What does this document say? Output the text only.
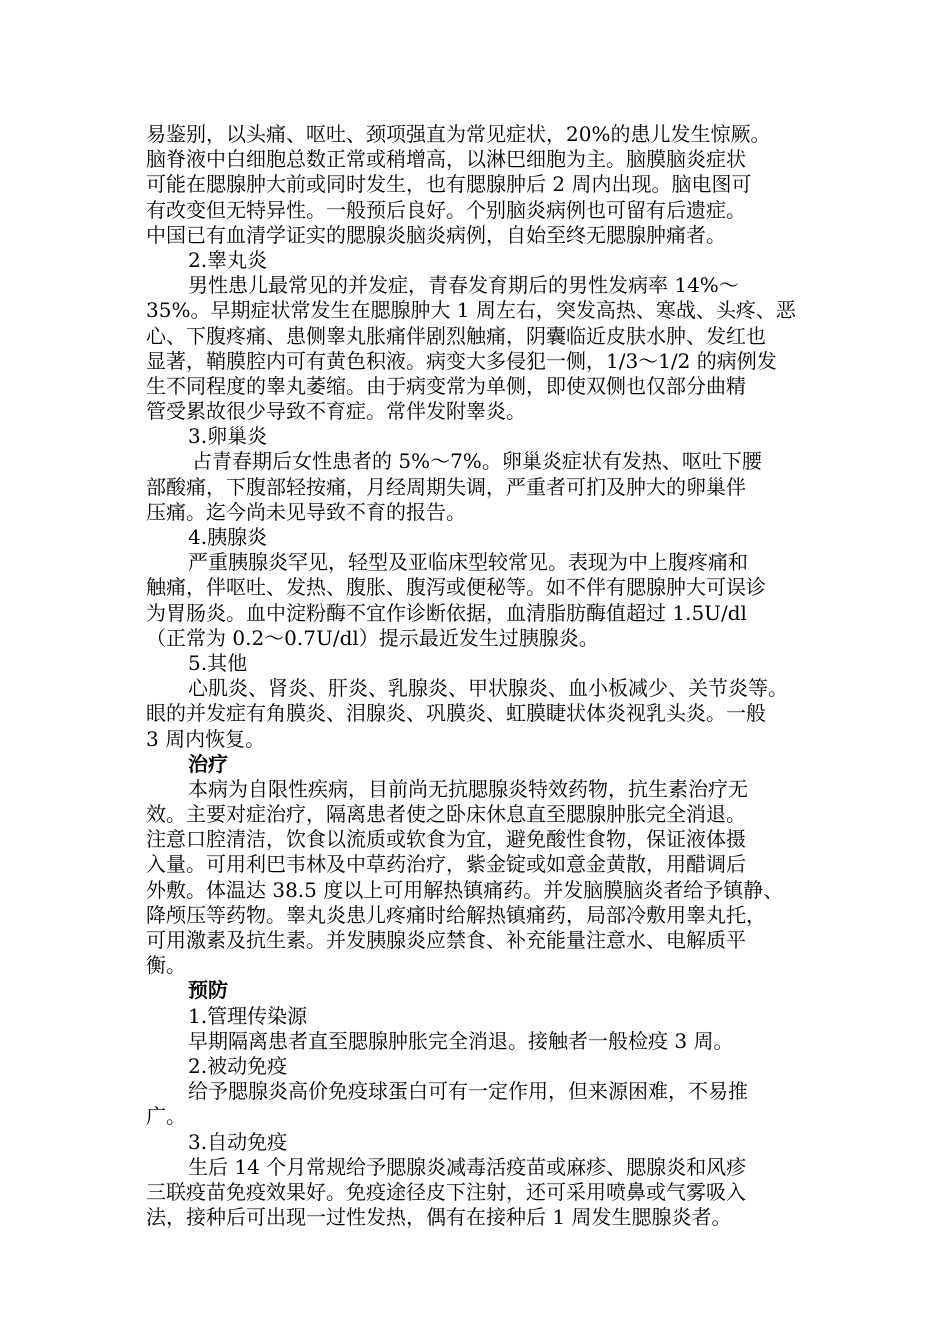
易鉴别，以头痛、呕吐、颈项强直为常见症状，20%的患儿发生惊厥。
脑脊液中白细胞总数正常或稍增高，以淋巴细胞为主。脑膜脑炎症状
可能在腮腺肿大前或同时发生，也有腮腺肿后 2 周内出现。脑电图可
有改变但无特异性。一般预后良好。个别脑炎病例也可留有后遗症。
中国已有血清学证实的腮腺炎脑炎病例，自始至终无腮腺肿痛者。
2.睾丸炎
男性患儿最常见的并发症，青春发育期后的男性发病率 14%～
35%。早期症状常发生在腮腺肿大 1 周左右，突发高热、寒战、头疼、恶
心、下腹疼痛、患侧睾丸胀痛伴剧烈触痛，阴囊临近皮肤水肿、发红也
显著，鞘膜腔内可有黄色积液。病变大多侵犯一侧，1/3～1/2 的病例发
生不同程度的睾丸萎缩。由于病变常为单侧，即使双侧也仅部分曲精
管受累故很少导致不育症。常伴发附睾炎。
3.卵巢炎
占青春期后女性患者的 5%～7%。卵巢炎症状有发热、呕吐下腰
部酸痛，下腹部轻按痛，月经周期失调，严重者可扪及肿大的卵巢伴
压痛。迄今尚未见导致不育的报告。
4.胰腺炎
严重胰腺炎罕见，轻型及亚临床型较常见。表现为中上腹疼痛和
触痛，伴呕吐、发热、腹胀、腹泻或便秘等。如不伴有腮腺肿大可误诊
为胃肠炎。血中淀粉酶不宜作诊断依据，血清脂肪酶值超过 1.5U/dl
（正常为 0.2～0.7U/dl）提示最近发生过胰腺炎。
5.其他
心肌炎、肾炎、肝炎、乳腺炎、甲状腺炎、血小板减少、关节炎等。
眼的并发症有角膜炎、泪腺炎、巩膜炎、虹膜睫状体炎视乳头炎。一般
3 周内恢复。
治疗
本病为自限性疾病，目前尚无抗腮腺炎特效药物，抗生素治疗无
效。主要对症治疗，隔离患者使之卧床休息直至腮腺肿胀完全消退。
注意口腔清洁，饮食以流质或软食为宜，避免酸性食物，保证液体摄
入量。可用利巴韦林及中草药治疗，紫金锭或如意金黄散，用醋调后
外敷。体温达 38.5 度以上可用解热镇痛药。并发脑膜脑炎者给予镇静、
降颅压等药物。睾丸炎患儿疼痛时给解热镇痛药，局部冷敷用睾丸托，
可用激素及抗生素。并发胰腺炎应禁食、补充能量注意水、电解质平
衡。
预防
1.管理传染源
早期隔离患者直至腮腺肿胀完全消退。接触者一般检疫 3 周。
2.被动免疫
给予腮腺炎高价免疫球蛋白可有一定作用，但来源困难，不易推
广。
3.自动免疫
生后 14 个月常规给予腮腺炎减毒活疫苗或麻疹、腮腺炎和风疹
三联疫苗免疫效果好。免疫途径皮下注射，还可采用喷鼻或气雾吸入
法，接种后可出现一过性发热，偶有在接种后 1 周发生腮腺炎者。
